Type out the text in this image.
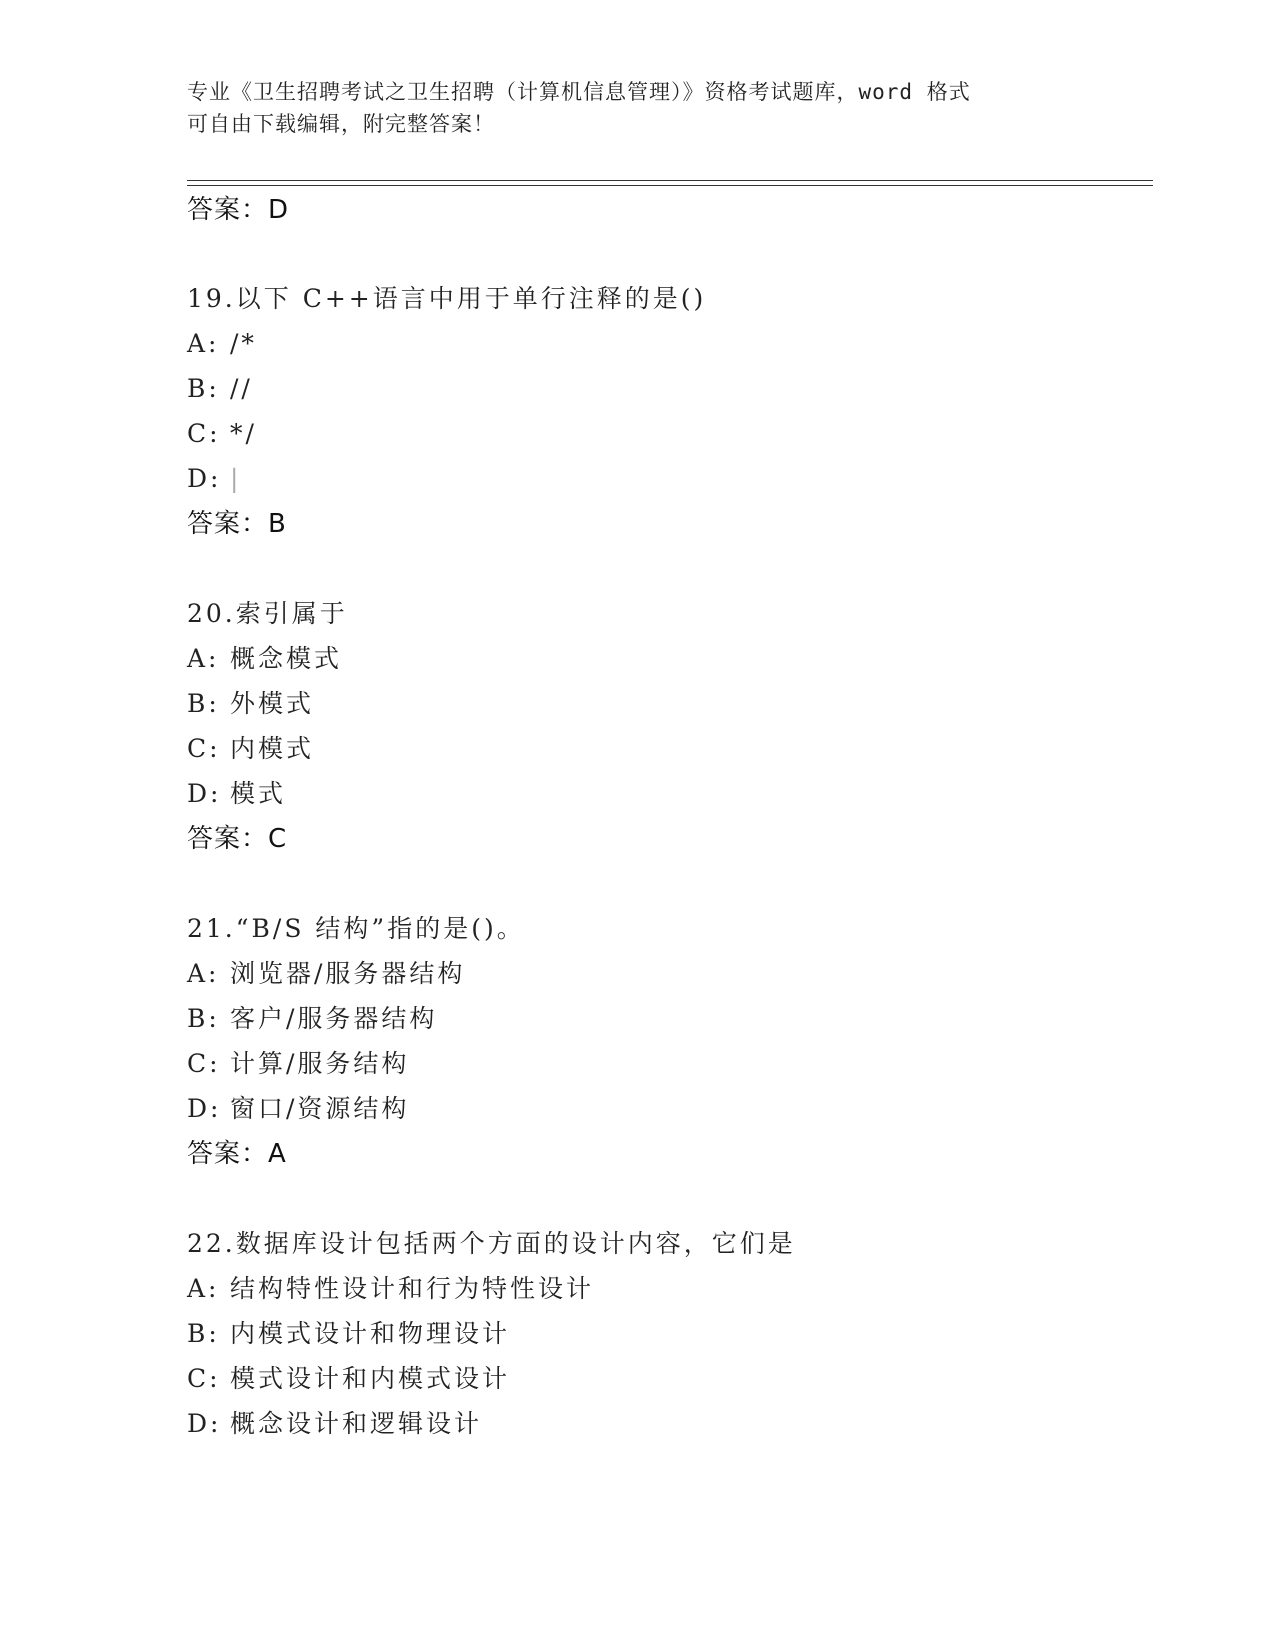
专业《卫生招聘考试之卫生招聘（计算机信息管理）》资格考试题库，word 格式
可自由下载编辑，附完整答案！
答案：D
19.以下 C++语言中用于单行注释的是()
A: /*
B: //
C: */
D: |
答案：B
20.索引属于
A: 概念模式
B: 外模式
C: 内模式
D: 模式
答案：C
21.“B/S 结构”指的是()。
A: 浏览器/服务器结构
B: 客户/服务器结构
C: 计算/服务结构
D: 窗口/资源结构
答案：A
22.数据库设计包括两个方面的设计内容，它们是
A: 结构特性设计和行为特性设计
B: 内模式设计和物理设计
C: 模式设计和内模式设计
D: 概念设计和逻辑设计
